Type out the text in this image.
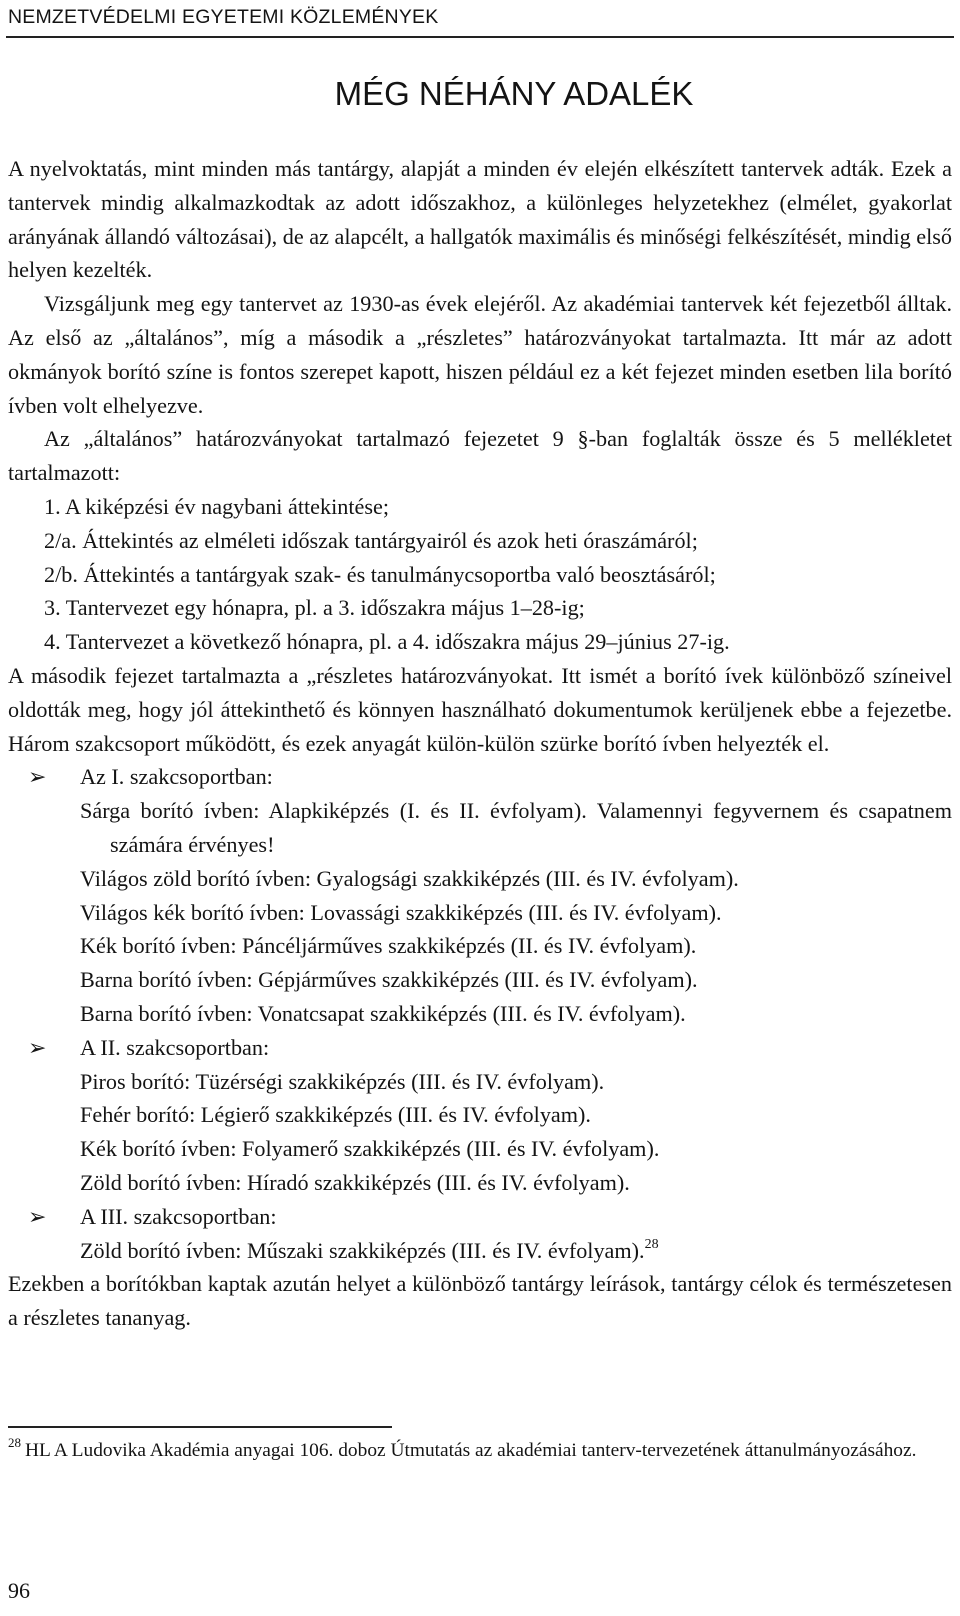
NEMZETVÉDELMI EGYETEMI KÖZLEMÉNYEK
MÉG NÉHÁNY ADALÉK

A nyelvoktatás, mint minden más tantárgy, alapját a minden év elején elkészített tantervek adták. Ezek a tantervek mindig alkalmazkodtak az adott időszakhoz, a különleges helyzetekhez (elmélet, gyakorlat arányának állandó változásai), de az alapcélt, a hallgatók maximális és minőségi felkészítését, mindig első helyen kezelték.

Vizsgáljunk meg egy tantervet az 1930-as évek elejéről. Az akadémiai tantervek két fejezetből álltak. Az első az „általános”, míg a második a „részletes” határozványokat tartalmazta. Itt már az adott okmányok borító színe is fontos szerepet kapott, hiszen például ez a két fejezet minden esetben lila borító ívben volt elhelyezve.

Az „általános” határozványokat tartalmazó fejezetet 9 §-ban foglalták össze és 5 mellékletet tartalmazott:

1. A kiképzési év nagybani áttekintése;

2/a. Áttekintés az elméleti időszak tantárgyairól és azok heti óraszámáról;

2/b. Áttekintés a tantárgyak szak- és tanulmánycsoportba való beosztásáról;

3. Tantervezet egy hónapra, pl. a 3. időszakra május 1–28-ig;

4. Tantervezet a következő hónapra, pl. a 4. időszakra május 29–június 27-ig.

A második fejezet tartalmazta a „részletes határozványokat. Itt ismét a borító ívek különböző színeivel oldották meg, hogy jól áttekinthető és könnyen használható dokumentumok kerüljenek ebbe a fejezetbe. Három szakcsoport működött, és ezek anyagát külön-külön szürke borító ívben helyezték el.

➢ Az I. szakcsoportban:

Sárga borító ívben: Alapkiképzés (I. és II. évfolyam). Valamennyi fegyvernem és csapatnem számára érvényes!

Világos zöld borító ívben: Gyalogsági szakkiképzés (III. és IV. évfolyam).

Világos kék borító ívben: Lovassági szakkiképzés (III. és IV. évfolyam).

Kék borító ívben: Páncéljárműves szakkiképzés (II. és IV. évfolyam).

Barna borító ívben: Gépjárműves szakkiképzés (III. és IV. évfolyam).

Barna borító ívben: Vonatcsapat szakkiképzés (III. és IV. évfolyam).

➢ A II. szakcsoportban:

Piros borító: Tüzérségi szakkiképzés (III. és IV. évfolyam).

Fehér borító: Légierő szakkiképzés (III. és IV. évfolyam).

Kék borító ívben: Folyamerő szakkiképzés (III. és IV. évfolyam).

Zöld borító ívben: Híradó szakkiképzés (III. és IV. évfolyam).

➢ A III. szakcsoportban:

Zöld borító ívben: Műszaki szakkiképzés (III. és IV. évfolyam).$^{28}$

Ezekben a borítókban kaptak azután helyet a különböző tantárgy leírások, tantárgy célok és természetesen a részletes tananyag.

$^{28}$ HL A Ludovika Akadémia anyagai 106. doboz Útmutatás az akadémiai tanterv-tervezetének áttanulmányozásához.
96
